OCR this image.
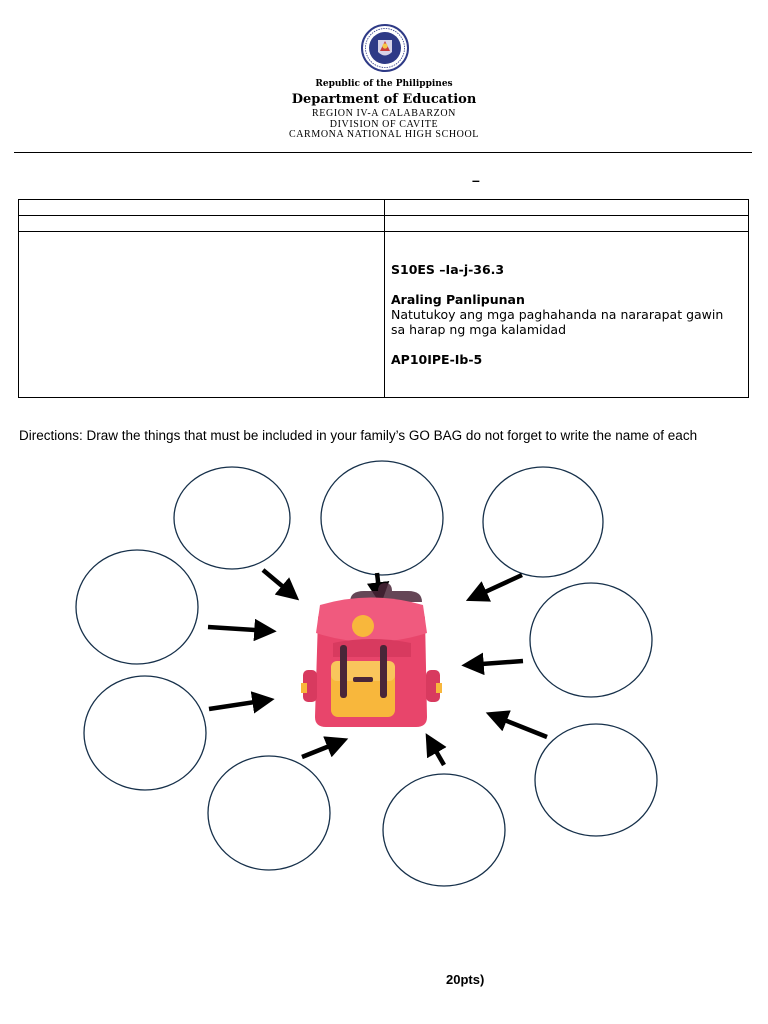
Republic of the Philippines
Department of Education
REGION IV-A CALABARZON
DIVISION OF CAVITE
CARMONA NATIONAL HIGH SCHOOL
–
S10ES –Ia-j-36.3
Araling Panlipunan
Natutukoy ang mga paghahanda na nararapat gawin sa harap ng mga kalamidad
AP10IPE-Ib-5
Directions: Draw the things that must be included in your family’s GO BAG do not forget to write the name of each
20pts)
